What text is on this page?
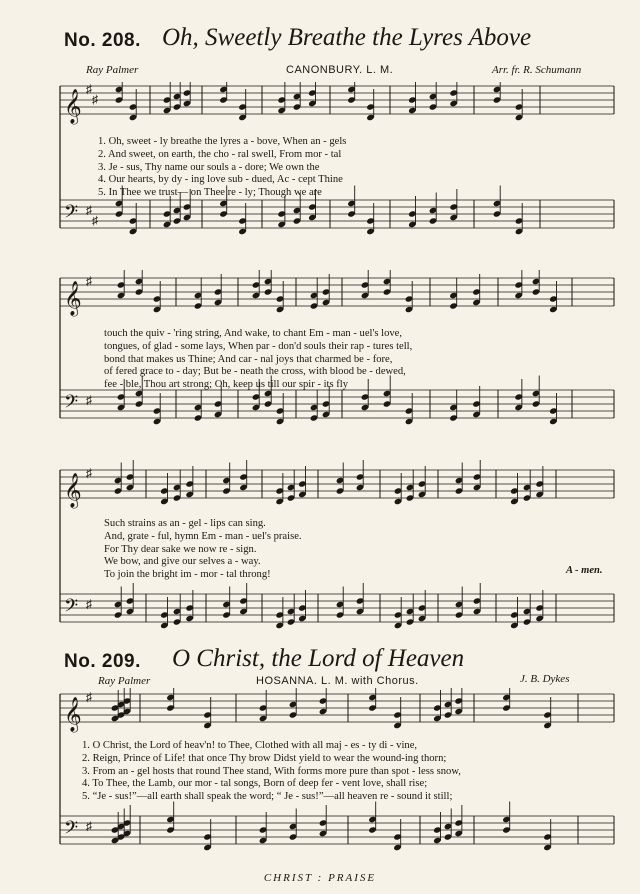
No. 208. Oh, Sweetly Breathe the Lyres Above
Ray Palmer	CANONBURY. L. M.	Arr. fr. R. Schumann
𝄞 ♯
♯
𝄢 ♯
♯
1. Oh, sweet - ly breathe the lyres a - bove, When an - gels
2. And sweet, on earth, the cho - ral swell, From mor - tal
3. Je - sus, Thy name our souls a - dore; We own the
4. Our hearts, by dy - ing love sub - dued, Ac - cept Thine
5. In Thee we trust— on Thee re - ly; Though we are
𝄞 ♯
𝄢 ♯
touch the quiv - 'ring string, And wake, to chant Em - man - uel's love,
tongues, of glad - some lays, When par - don'd souls their rap - tures tell,
bond that makes us Thine; And car - nal joys that charmed be - fore,
of fered grace to - day; But be - neath the cross, with blood be - dewed,
fee - ble, Thou art strong; Oh, keep us till our spir - its fly
𝄞 ♯
𝄢 ♯
Such strains as an - gel - lips can sing.
And, grate - ful, hymn Em - man - uel's praise.
For Thy dear sake we now re - sign.
We bow, and give our selves a - way.
To join the bright im - mor - tal throng!	A - men.
No. 209. O Christ, the Lord of Heaven
Ray Palmer	HOSANNA. L. M. with Chorus.	J. B. Dykes
𝄞 ♯
𝄢 ♯
1. O Christ, the Lord of heav'n! to Thee, Clothed with all maj - es - ty di - vine,
2. Reign, Prince of Life! that once Thy brow Didst yield to wear the wound-ing thorn;
3. From an - gel hosts that round Thee stand, With forms more pure than spot - less snow,
4. To Thee, the Lamb, our mor - tal songs, Born of deep fer - vent love, shall rise;
5. “Je - sus!”—all earth shall speak the word; “ Je - sus!”—all heaven re - sound it still;
CHRIST : PRAISE
